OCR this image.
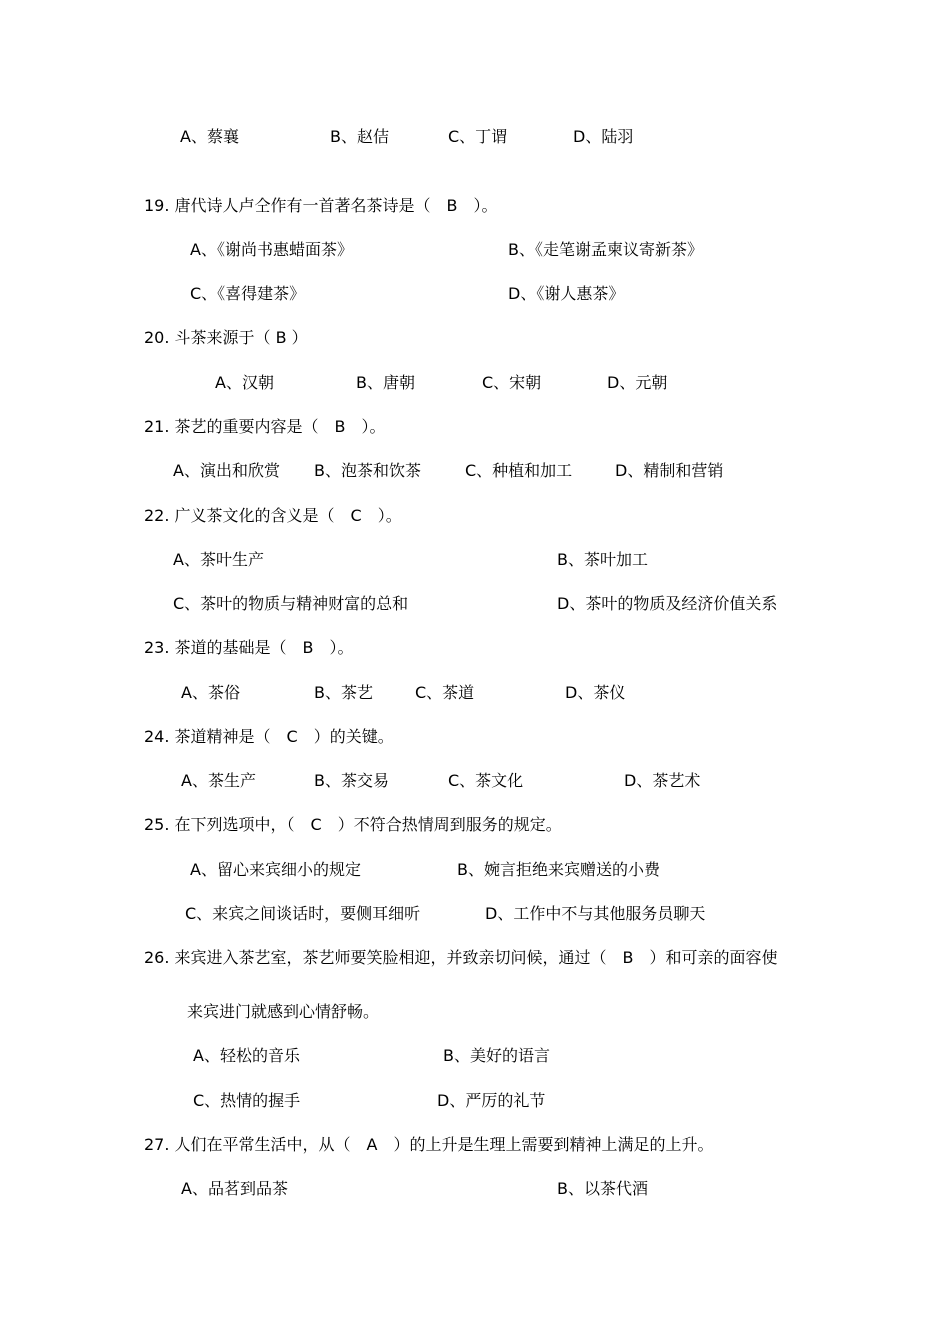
A、蔡襄	B、赵佶	C、丁谓	D、陆羽
19. 唐代诗人卢仝作有一首著名茶诗是（　B　）。
A、《谢尚书惠蜡面茶》	B、《走笔谢孟柬议寄新茶》
C、《喜得建茶》	D、《谢人惠茶》
20. 斗茶来源于（ B ）
A、汉朝	B、唐朝	C、宋朝	D、元朝
21. 茶艺的重要内容是（　B　）。
A、演出和欣赏 B、泡茶和饮茶	C、种植和加工	D、精制和营销
22. 广义茶文化的含义是（　C　）。
A、茶叶生产	B、茶叶加工
C、茶叶的物质与精神财富的总和	D、茶叶的物质及经济价值关系
23. 茶道的基础是（　B　）。
A、茶俗	B、茶艺	C、茶道	D、茶仪
24. 茶道精神是（　C　）的关键。
A、茶生产	B、茶交易	C、茶文化	D、茶艺术
25. 在下列选项中，（　C　）不符合热情周到服务的规定。
A、留心来宾细小的规定	B、婉言拒绝来宾赠送的小费
C、来宾之间谈话时，要侧耳细听	D、工作中不与其他服务员聊天
26. 来宾进入茶艺室，茶艺师要笑脸相迎，并致亲切问候，通过（　B　）和可亲的面容使
来宾进门就感到心情舒畅。
A、轻松的音乐	B、美好的语言
C、热情的握手	D、严厉的礼节
27. 人们在平常生活中，从（　A　）的上升是生理上需要到精神上满足的上升。
A、品茗到品茶	B、以茶代酒
